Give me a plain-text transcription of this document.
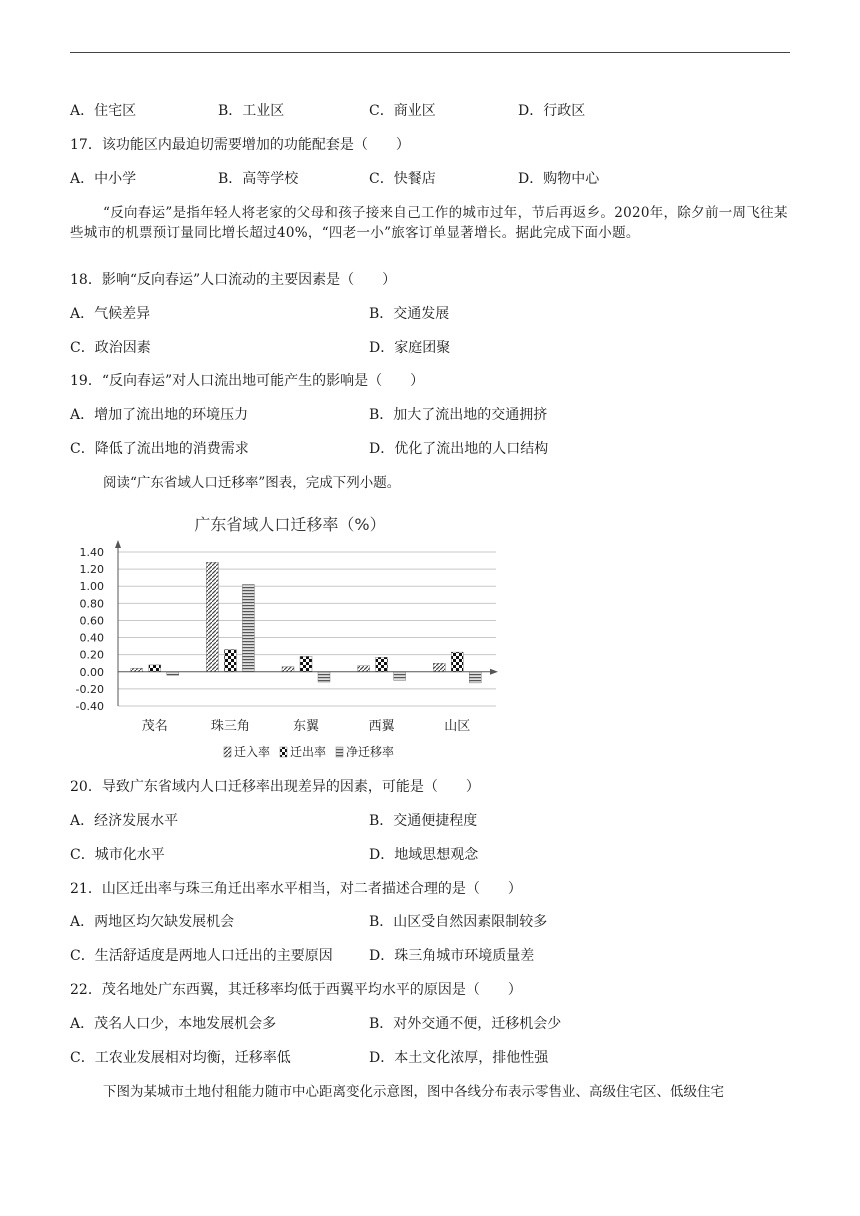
A．住宅区	B．工业区	C．商业区	D．行政区
17．该功能区内最迫切需要增加的功能配套是（　　）
A．中小学	B．高等学校	C．快餐店	D．购物中心
“反向春运”是指年轻人将老家的父母和孩子接来自己工作的城市过年，节后再返乡。2020年，除夕前一周飞往某些城市的机票预订量同比增长超过40%，“四老一小”旅客订单显著增长。据此完成下面小题。
18．影响“反向春运”人口流动的主要因素是（　　）
A．气候差异	B．交通发展
C．政治因素	D．家庭团聚
19．“反向春运”对人口流出地可能产生的影响是（　　）
A．增加了流出地的环境压力	B．加大了流出地的交通拥挤
C．降低了流出地的消费需求	D．优化了流出地的人口结构
阅读“广东省域人口迁移率”图表，完成下列小题。
广东省域人口迁移率（%）
1.40
1.20
1.00
0.80
0.60
0.40
0.20
0.00
-0.20
-0.40
茂名	珠三角	东翼	西翼	山区
迁入率 迁出率 净迁移率
20．导致广东省域内人口迁移率出现差异的因素，可能是（　　）
A．经济发展水平	B．交通便捷程度
C．城市化水平	D．地域思想观念
21．山区迁出率与珠三角迁出率水平相当，对二者描述合理的是（　　）
A．两地区均欠缺发展机会	B．山区受自然因素限制较多
C．生活舒适度是两地人口迁出的主要原因	D．珠三角城市环境质量差
22．茂名地处广东西翼，其迁移率均低于西翼平均水平的原因是（　　）
A．茂名人口少，本地发展机会多	B．对外交通不便，迁移机会少
C．工农业发展相对均衡，迁移率低	D．本土文化浓厚，排他性强
下图为某城市土地付租能力随市中心距离变化示意图，图中各线分布表示零售业、高级住宅区、低级住宅
